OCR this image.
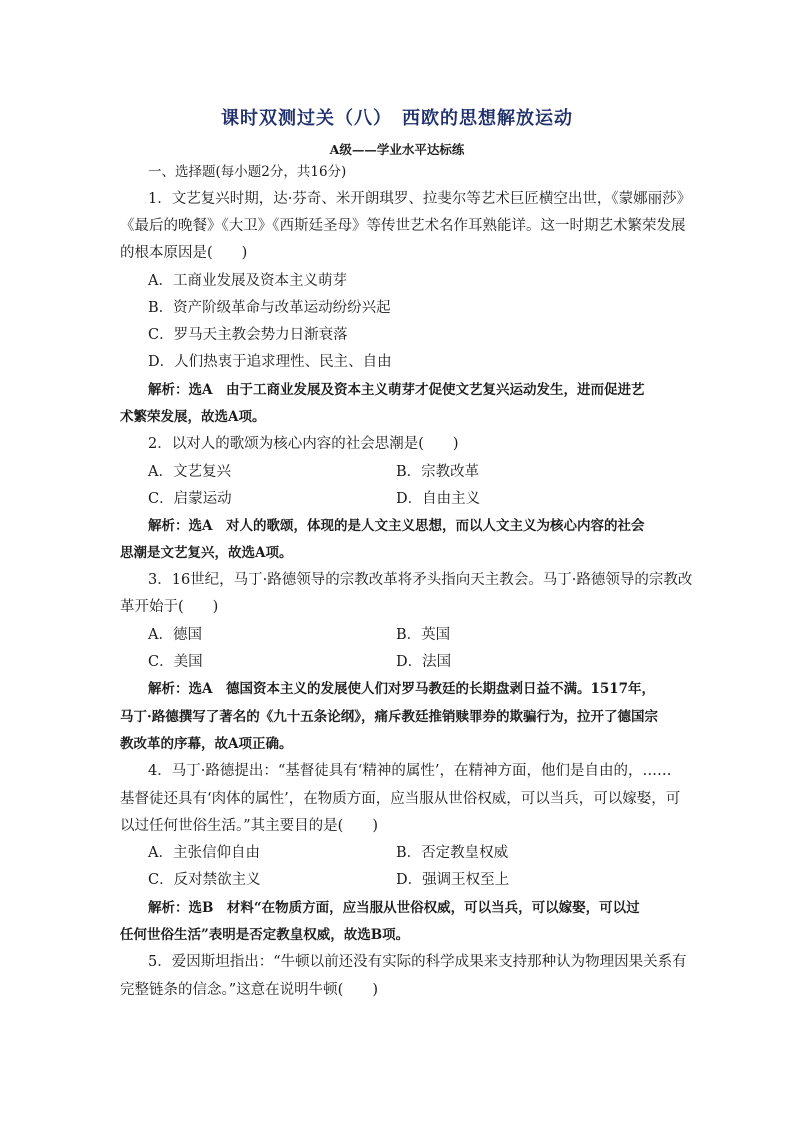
课时双测过关（八）　西欧的思想解放运动
A级——学业水平达标练
一、选择题(每小题2分，共16分)
1．文艺复兴时期，达·芬奇、米开朗琪罗、拉斐尔等艺术巨匠横空出世，《蒙娜丽莎》
《最后的晚餐》《大卫》《西斯廷圣母》等传世艺术名作耳熟能详。这一时期艺术繁荣发展
的根本原因是(　　)
A．工商业发展及资本主义萌芽
B．资产阶级革命与改革运动纷纷兴起
C．罗马天主教会势力日渐衰落
D．人们热衷于追求理性、民主、自由
解析：选A　由于工商业发展及资本主义萌芽才促使文艺复兴运动发生，进而促进艺
术繁荣发展，故选A项。
2．以对人的歌颂为核心内容的社会思潮是(　　)
A．文艺复兴	B．宗教改革
C．启蒙运动	D．自由主义
解析：选A　对人的歌颂，体现的是人文主义思想，而以人文主义为核心内容的社会
思潮是文艺复兴，故选A项。
3．16世纪，马丁·路德领导的宗教改革将矛头指向天主教会。马丁·路德领导的宗教改
革开始于(　　)
A．德国	B．英国
C．美国	D．法国
解析：选A　德国资本主义的发展使人们对罗马教廷的长期盘剥日益不满。1517年，
马丁·路德撰写了著名的《九十五条论纲》，痛斥教廷推销赎罪券的欺骗行为，拉开了德国宗
教改革的序幕，故A项正确。
4．马丁·路德提出：“基督徒具有‘精神的属性’，在精神方面，他们是自由的，……
基督徒还具有‘肉体的属性’，在物质方面，应当服从世俗权威，可以当兵，可以嫁娶，可
以过任何世俗生活。”其主要目的是(　　)
A．主张信仰自由	B．否定教皇权威
C．反对禁欲主义	D．强调王权至上
解析：选B　材料“在物质方面，应当服从世俗权威，可以当兵，可以嫁娶，可以过
任何世俗生活”表明是否定教皇权威，故选B项。
5．爱因斯坦指出：“牛顿以前还没有实际的科学成果来支持那种认为物理因果关系有
完整链条的信念。”这意在说明牛顿(　　)
